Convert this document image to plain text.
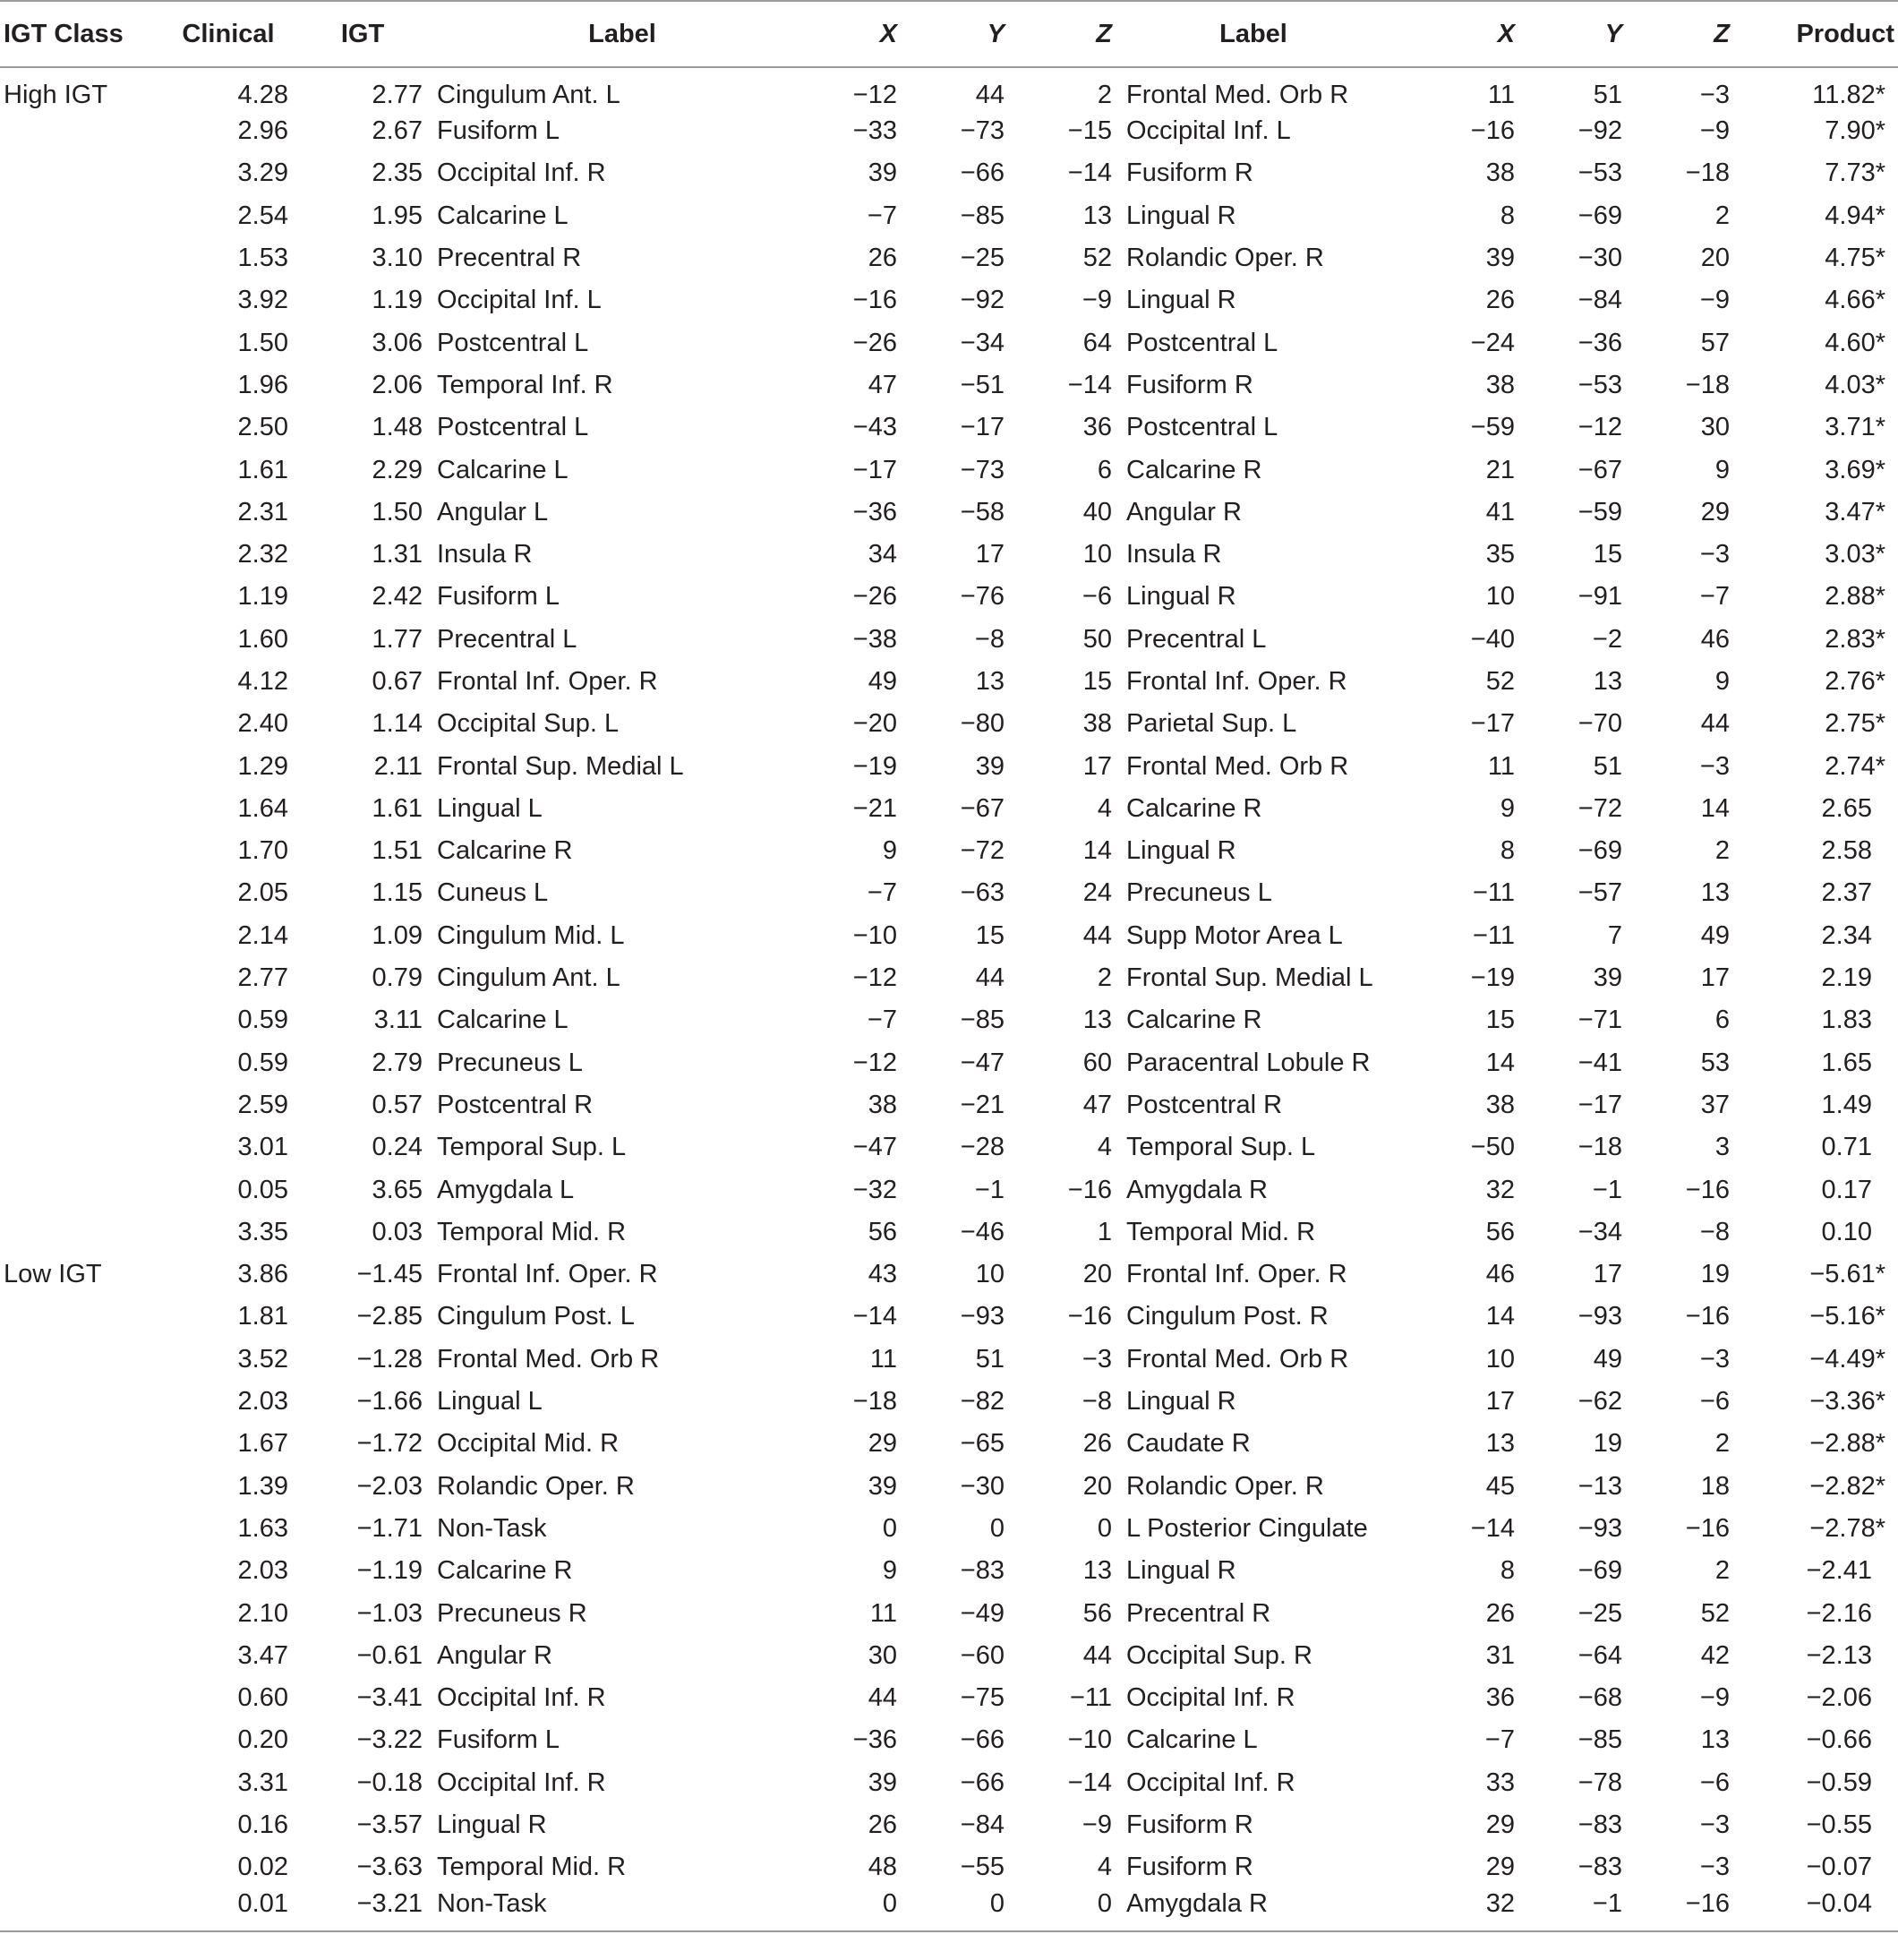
IGT Class	Clinical	IGT	Label	X	Y	Z	Label	X	Y	Z	Product
High IGT	4.28	2.77	Cingulum Ant. L	−12	44	2	Frontal Med. Orb R	11	51	−3	11.82*
	2.96	2.67	Fusiform L	−33	−73	−15	Occipital Inf. L	−16	−92	−9	7.90*
	3.29	2.35	Occipital Inf. R	39	−66	−14	Fusiform R	38	−53	−18	7.73*
	2.54	1.95	Calcarine L	−7	−85	13	Lingual R	8	−69	2	4.94*
	1.53	3.10	Precentral R	26	−25	52	Rolandic Oper. R	39	−30	20	4.75*
	3.92	1.19	Occipital Inf. L	−16	−92	−9	Lingual R	26	−84	−9	4.66*
	1.50	3.06	Postcentral L	−26	−34	64	Postcentral L	−24	−36	57	4.60*
	1.96	2.06	Temporal Inf. R	47	−51	−14	Fusiform R	38	−53	−18	4.03*
	2.50	1.48	Postcentral L	−43	−17	36	Postcentral L	−59	−12	30	3.71*
	1.61	2.29	Calcarine L	−17	−73	6	Calcarine R	21	−67	9	3.69*
	2.31	1.50	Angular L	−36	−58	40	Angular R	41	−59	29	3.47*
	2.32	1.31	Insula R	34	17	10	Insula R	35	15	−3	3.03*
	1.19	2.42	Fusiform L	−26	−76	−6	Lingual R	10	−91	−7	2.88*
	1.60	1.77	Precentral L	−38	−8	50	Precentral L	−40	−2	46	2.83*
	4.12	0.67	Frontal Inf. Oper. R	49	13	15	Frontal Inf. Oper. R	52	13	9	2.76*
	2.40	1.14	Occipital Sup. L	−20	−80	38	Parietal Sup. L	−17	−70	44	2.75*
	1.29	2.11	Frontal Sup. Medial L	−19	39	17	Frontal Med. Orb R	11	51	−3	2.74*
	1.64	1.61	Lingual L	−21	−67	4	Calcarine R	9	−72	14	2.65
	1.70	1.51	Calcarine R	9	−72	14	Lingual R	8	−69	2	2.58
	2.05	1.15	Cuneus L	−7	−63	24	Precuneus L	−11	−57	13	2.37
	2.14	1.09	Cingulum Mid. L	−10	15	44	Supp Motor Area L	−11	7	49	2.34
	2.77	0.79	Cingulum Ant. L	−12	44	2	Frontal Sup. Medial L	−19	39	17	2.19
	0.59	3.11	Calcarine L	−7	−85	13	Calcarine R	15	−71	6	1.83
	0.59	2.79	Precuneus L	−12	−47	60	Paracentral Lobule R	14	−41	53	1.65
	2.59	0.57	Postcentral R	38	−21	47	Postcentral R	38	−17	37	1.49
	3.01	0.24	Temporal Sup. L	−47	−28	4	Temporal Sup. L	−50	−18	3	0.71
	0.05	3.65	Amygdala L	−32	−1	−16	Amygdala R	32	−1	−16	0.17
	3.35	0.03	Temporal Mid. R	56	−46	1	Temporal Mid. R	56	−34	−8	0.10
Low IGT	3.86	−1.45	Frontal Inf. Oper. R	43	10	20	Frontal Inf. Oper. R	46	17	19	−5.61*
	1.81	−2.85	Cingulum Post. L	−14	−93	−16	Cingulum Post. R	14	−93	−16	−5.16*
	3.52	−1.28	Frontal Med. Orb R	11	51	−3	Frontal Med. Orb R	10	49	−3	−4.49*
	2.03	−1.66	Lingual L	−18	−82	−8	Lingual R	17	−62	−6	−3.36*
	1.67	−1.72	Occipital Mid. R	29	−65	26	Caudate R	13	19	2	−2.88*
	1.39	−2.03	Rolandic Oper. R	39	−30	20	Rolandic Oper. R	45	−13	18	−2.82*
	1.63	−1.71	Non-Task	0	0	0	L Posterior Cingulate	−14	−93	−16	−2.78*
	2.03	−1.19	Calcarine R	9	−83	13	Lingual R	8	−69	2	−2.41
	2.10	−1.03	Precuneus R	11	−49	56	Precentral R	26	−25	52	−2.16
	3.47	−0.61	Angular R	30	−60	44	Occipital Sup. R	31	−64	42	−2.13
	0.60	−3.41	Occipital Inf. R	44	−75	−11	Occipital Inf. R	36	−68	−9	−2.06
	0.20	−3.22	Fusiform L	−36	−66	−10	Calcarine L	−7	−85	13	−0.66
	3.31	−0.18	Occipital Inf. R	39	−66	−14	Occipital Inf. R	33	−78	−6	−0.59
	0.16	−3.57	Lingual R	26	−84	−9	Fusiform R	29	−83	−3	−0.55
	0.02	−3.63	Temporal Mid. R	48	−55	4	Fusiform R	29	−83	−3	−0.07
	0.01	−3.21	Non-Task	0	0	0	Amygdala R	32	−1	−16	−0.04
